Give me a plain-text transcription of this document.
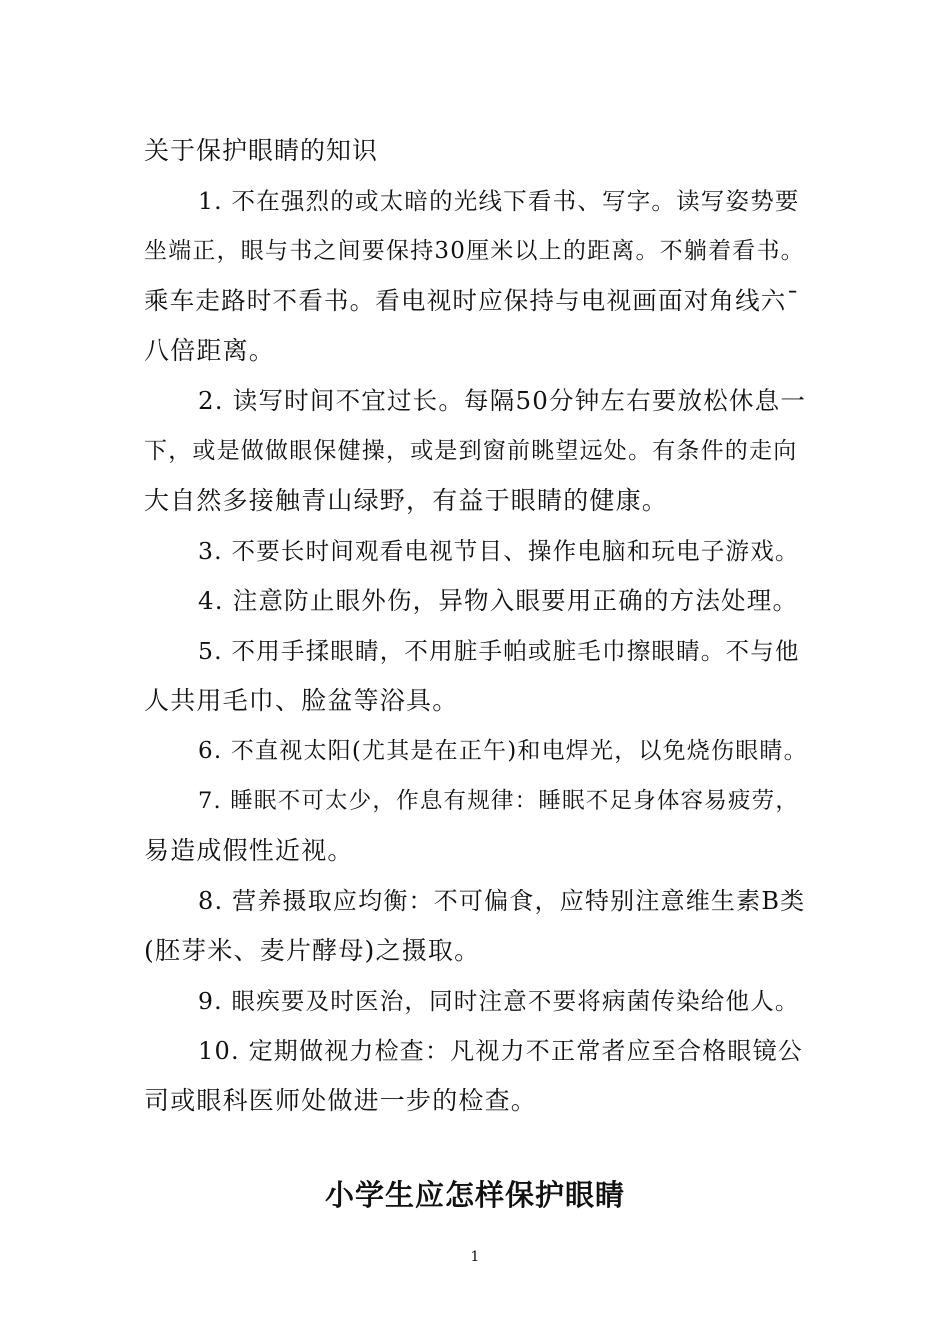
关于保护眼睛的知识
1. 不在强烈的或太暗的光线下看书、写字。读写姿势要
坐端正，眼与书之间要保持30厘米以上的距离。不躺着看书。
乘车走路时不看书。看电视时应保持与电视画面对角线六¯
八倍距离。
2. 读写时间不宜过长。每隔50分钟左右要放松休息一
下，或是做做眼保健操，或是到窗前眺望远处。有条件的走向
大自然多接触青山绿野，有益于眼睛的健康。
3. 不要长时间观看电视节目、操作电脑和玩电子游戏。
4. 注意防止眼外伤，异物入眼要用正确的方法处理。
5. 不用手揉眼睛，不用脏手帕或脏毛巾擦眼睛。不与他
人共用毛巾、脸盆等浴具。
6. 不直视太阳(尤其是在正午)和电焊光，以免烧伤眼睛。
7. 睡眠不可太少，作息有规律：睡眠不足身体容易疲劳，
易造成假性近视。
8. 营养摄取应均衡：不可偏食，应特别注意维生素B类
(胚芽米、麦片酵母)之摄取。
9. 眼疾要及时医治，同时注意不要将病菌传染给他人。
10. 定期做视力检查：凡视力不正常者应至合格眼镜公
司或眼科医师处做进一步的检查。
小学生应怎样保护眼睛
1
